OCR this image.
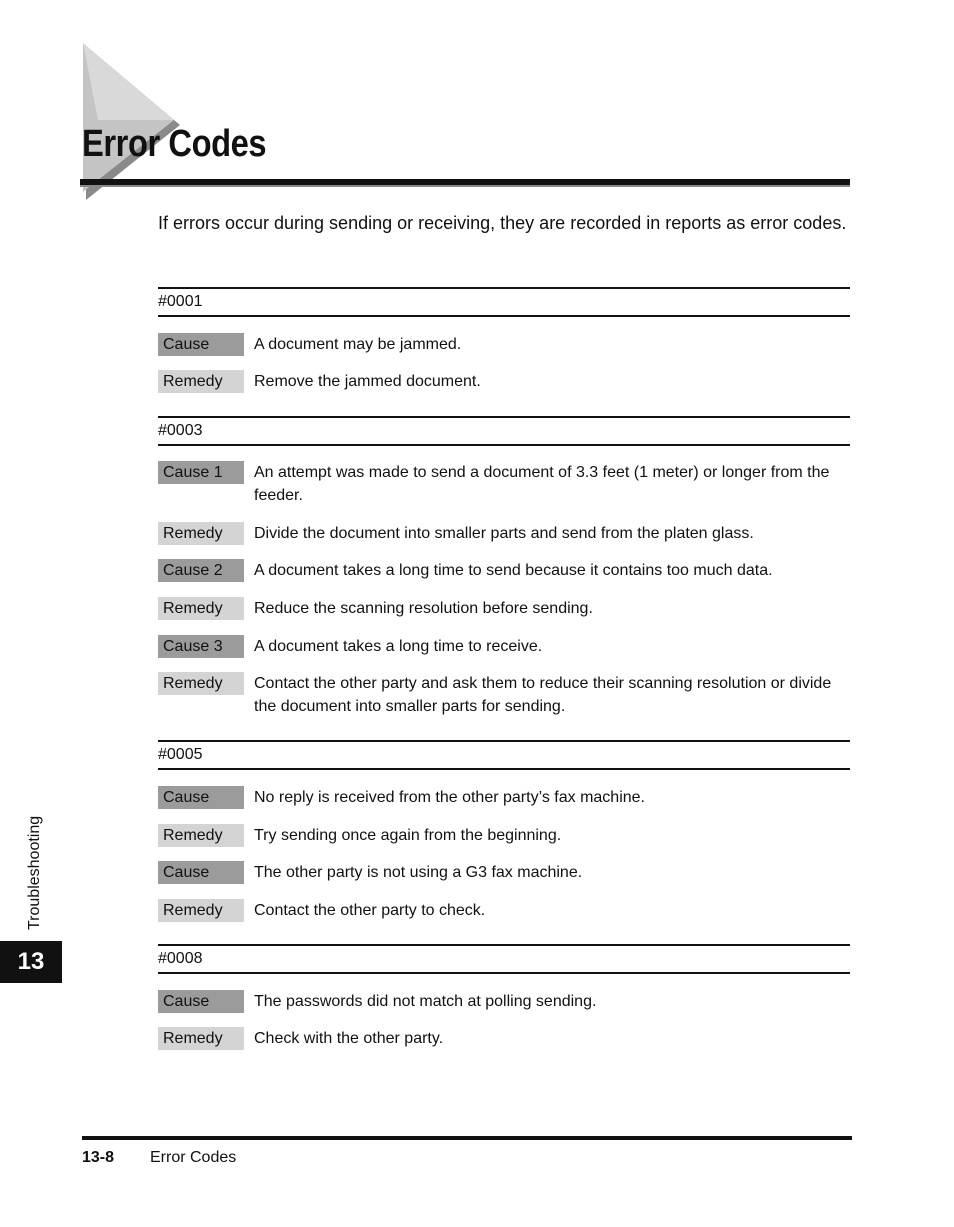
Error Codes

If errors occur during sending or receiving, they are recorded in reports as error codes.

#0001
Cause	A document may be jammed.

Remedy	Remove the jammed document.

#0003
Cause 1	An attempt was made to send a document of 3.3 feet (1 meter) or longer from the feeder.

Remedy	Divide the document into smaller parts and send from the platen glass.

Cause 2	A document takes a long time to send because it contains too much data.

Remedy	Reduce the scanning resolution before sending.

Cause 3	A document takes a long time to receive.

Remedy	Contact the other party and ask them to reduce their scanning resolution or divide the document into smaller parts for sending.

#0005
Cause	No reply is received from the other party’s fax machine.

Remedy	Try sending once again from the beginning.

Cause	The other party is not using a G3 fax machine.

Remedy	Contact the other party to check.

#0008
Cause	The passwords did not match at polling sending.

Remedy	Check with the other party.

Troubleshooting
13
13-8 Error Codes
